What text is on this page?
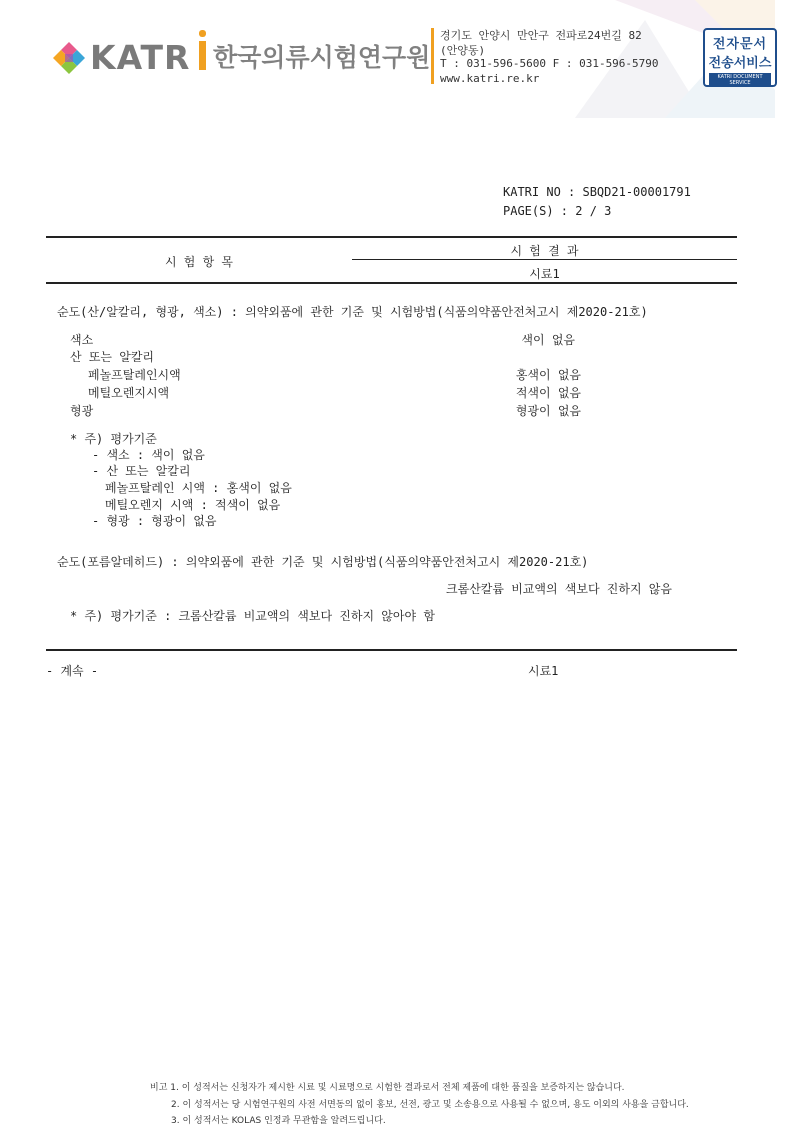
KATR 한국의류시험연구원
경기도 안양시 만안구 전파로24번길 82
(안양동)
T : 031-596-5600 F : 031-596-5790
www.katri.re.kr
전자문서
전송서비스
KATRI DOCUMENT SERVICE
KATRI NO : SBQD21-00001791
PAGE(S) : 2 / 3
시 험 항 목
시 험 결 과
시료1
순도(산/알칼리, 형광, 색소) : 의약외품에 관한 기준 및 시험방법(식품의약품안전처고시 제2020-21호)
색소	색이 없음
산 또는 알칼리
페놀프탈레인시액	홍색이 없음
메틸오렌지시액	적색이 없음
형광	형광이 없음
* 주) 평가기준
- 색소 : 색이 없음
- 산 또는 알칼리
페놀프탈레인 시액 : 홍색이 없음
메틸오렌지 시액 : 적색이 없음
- 형광 : 형광이 없음
순도(포름알데히드) : 의약외품에 관한 기준 및 시험방법(식품의약품안전처고시 제2020-21호)
크롬산칼륨 비교액의 색보다 진하지 않음
* 주) 평가기준 : 크롬산칼륨 비교액의 색보다 진하지 않아야 함
- 계속 -	시료1
비고 1. 이 성적서는 신청자가 제시한 시료 및 시료명으로 시험한 결과로서 전체 제품에 대한 품질을 보증하지는 않습니다.
2. 이 성적서는 당 시험연구원의 사전 서면동의 없이 홍보, 선전, 광고 및 소송용으로 사용될 수 없으며, 용도 이외의 사용을 금합니다.
3. 이 성적서는 KOLAS 인정과 무관함을 알려드립니다.
